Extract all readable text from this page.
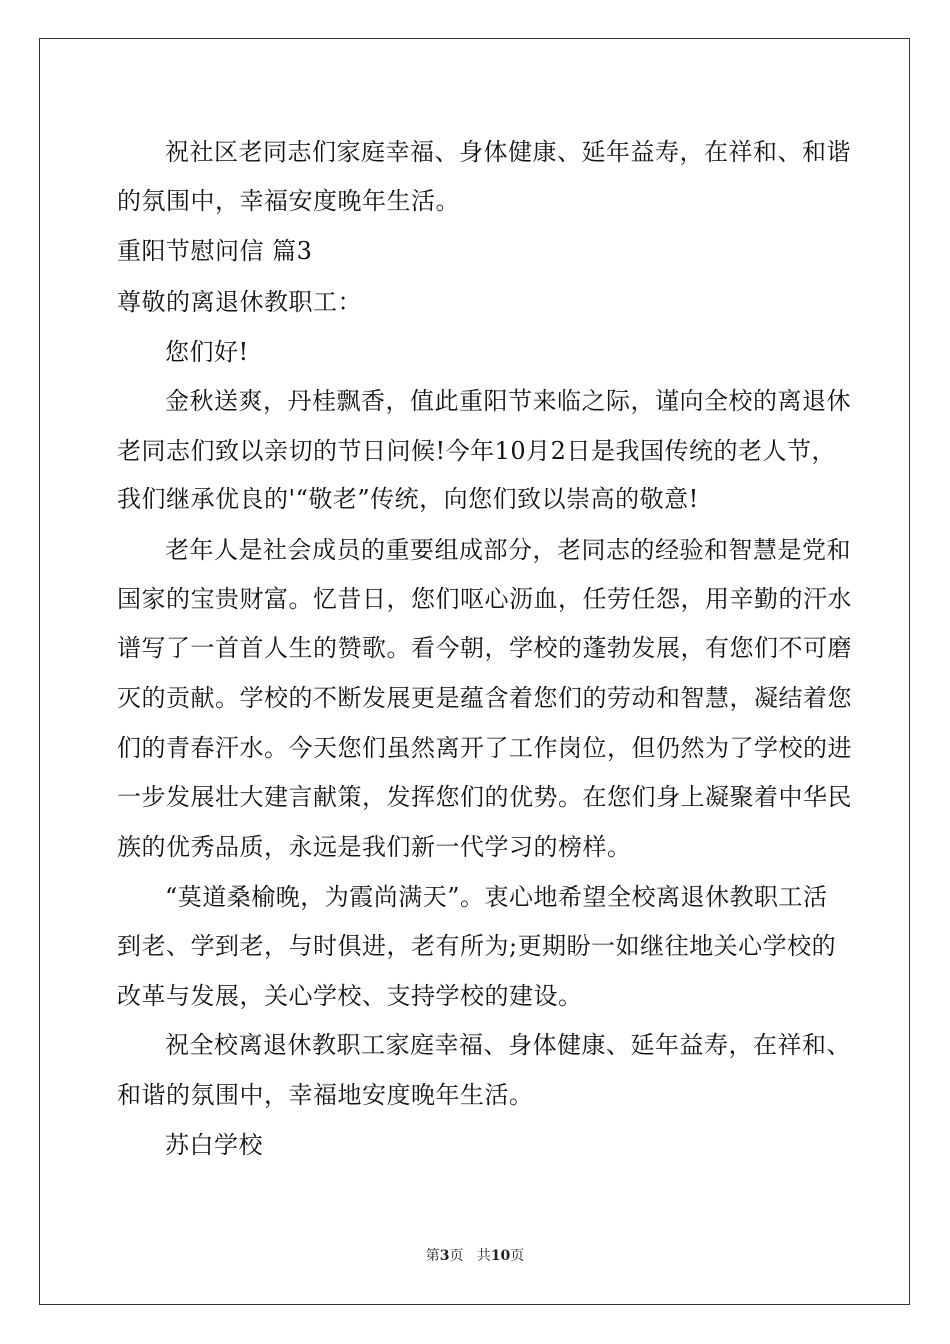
祝社区老同志们家庭幸福、身体健康、延年益寿，在祥和、和谐
的氛围中，幸福安度晚年生活。
重阳节慰问信 篇3
尊敬的离退休教职工：
您们好!
金秋送爽，丹桂飘香，值此重阳节来临之际，谨向全校的离退休
老同志们致以亲切的节日问候!今年10月2日是我国传统的老人节，
我们继承优良的'“敬老”传统，向您们致以崇高的敬意!
老年人是社会成员的重要组成部分，老同志的经验和智慧是党和
国家的宝贵财富。忆昔日，您们呕心沥血，任劳任怨，用辛勤的汗水
谱写了一首首人生的赞歌。看今朝，学校的蓬勃发展，有您们不可磨
灭的贡献。学校的不断发展更是蕴含着您们的劳动和智慧，凝结着您
们的青春汗水。今天您们虽然离开了工作岗位，但仍然为了学校的进
一步发展壮大建言献策，发挥您们的优势。在您们身上凝聚着中华民
族的优秀品质，永远是我们新一代学习的榜样。
“莫道桑榆晚，为霞尚满天”。衷心地希望全校离退休教职工活
到老、学到老，与时俱进，老有所为;更期盼一如继往地关心学校的
改革与发展，关心学校、支持学校的建设。
祝全校离退休教职工家庭幸福、身体健康、延年益寿，在祥和、
和谐的氛围中，幸福地安度晚年生活。
苏白学校
第3页 共10页
